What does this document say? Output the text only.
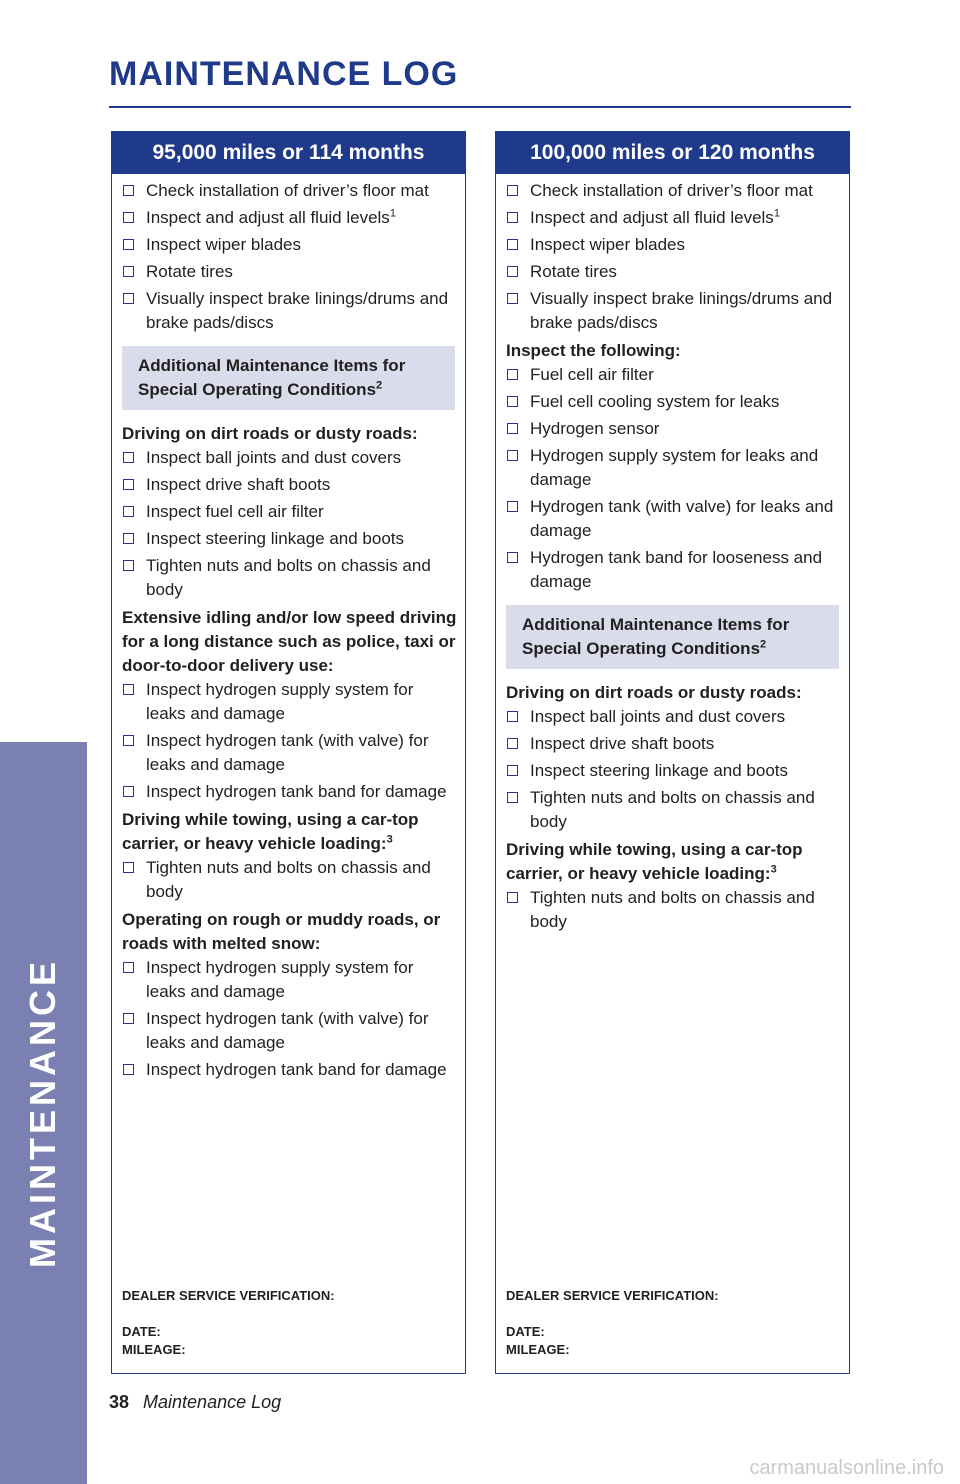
MAINTENANCE
MAINTENANCE LOG
95,000 miles or 114 months
Check installation of driver’s floor mat
Inspect and adjust all fluid levels$^1$
Inspect wiper blades
Rotate tires
Visually inspect brake linings/drums and brake pads/discs
Additional Maintenance Items for Special Operating Conditions$^2$
Driving on dirt roads or dusty roads:
Inspect ball joints and dust covers
Inspect drive shaft boots
Inspect fuel cell air filter
Inspect steering linkage and boots
Tighten nuts and bolts on chassis and body
Extensive idling and/or low speed driving for a long distance such as police, taxi or door-to-door delivery use:
Inspect hydrogen supply system for leaks and damage
Inspect hydrogen tank (with valve) for leaks and damage
Inspect hydrogen tank band for damage
Driving while towing, using a car-top carrier, or heavy vehicle loading:$^3$
Tighten nuts and bolts on chassis and body
Operating on rough or muddy roads, or roads with melted snow:
Inspect hydrogen supply system for leaks and damage
Inspect hydrogen tank (with valve) for leaks and damage
Inspect hydrogen tank band for damage
DEALER SERVICE VERIFICATION:
DATE:
MILEAGE:
100,000 miles or 120 months
Check installation of driver’s floor mat
Inspect and adjust all fluid levels$^1$
Inspect wiper blades
Rotate tires
Visually inspect brake linings/drums and brake pads/discs
Inspect the following:
Fuel cell air filter
Fuel cell cooling system for leaks
Hydrogen sensor
Hydrogen supply system for leaks and damage
Hydrogen tank (with valve) for leaks and damage
Hydrogen tank band for looseness and damage
Additional Maintenance Items for Special Operating Conditions$^2$
Driving on dirt roads or dusty roads:
Inspect ball joints and dust covers
Inspect drive shaft boots
Inspect steering linkage and boots
Tighten nuts and bolts on chassis and body
Driving while towing, using a car-top carrier, or heavy vehicle loading:$^3$
Tighten nuts and bolts on chassis and body
DEALER SERVICE VERIFICATION:
DATE:
MILEAGE:
38 Maintenance Log
carmanualsonline.info
